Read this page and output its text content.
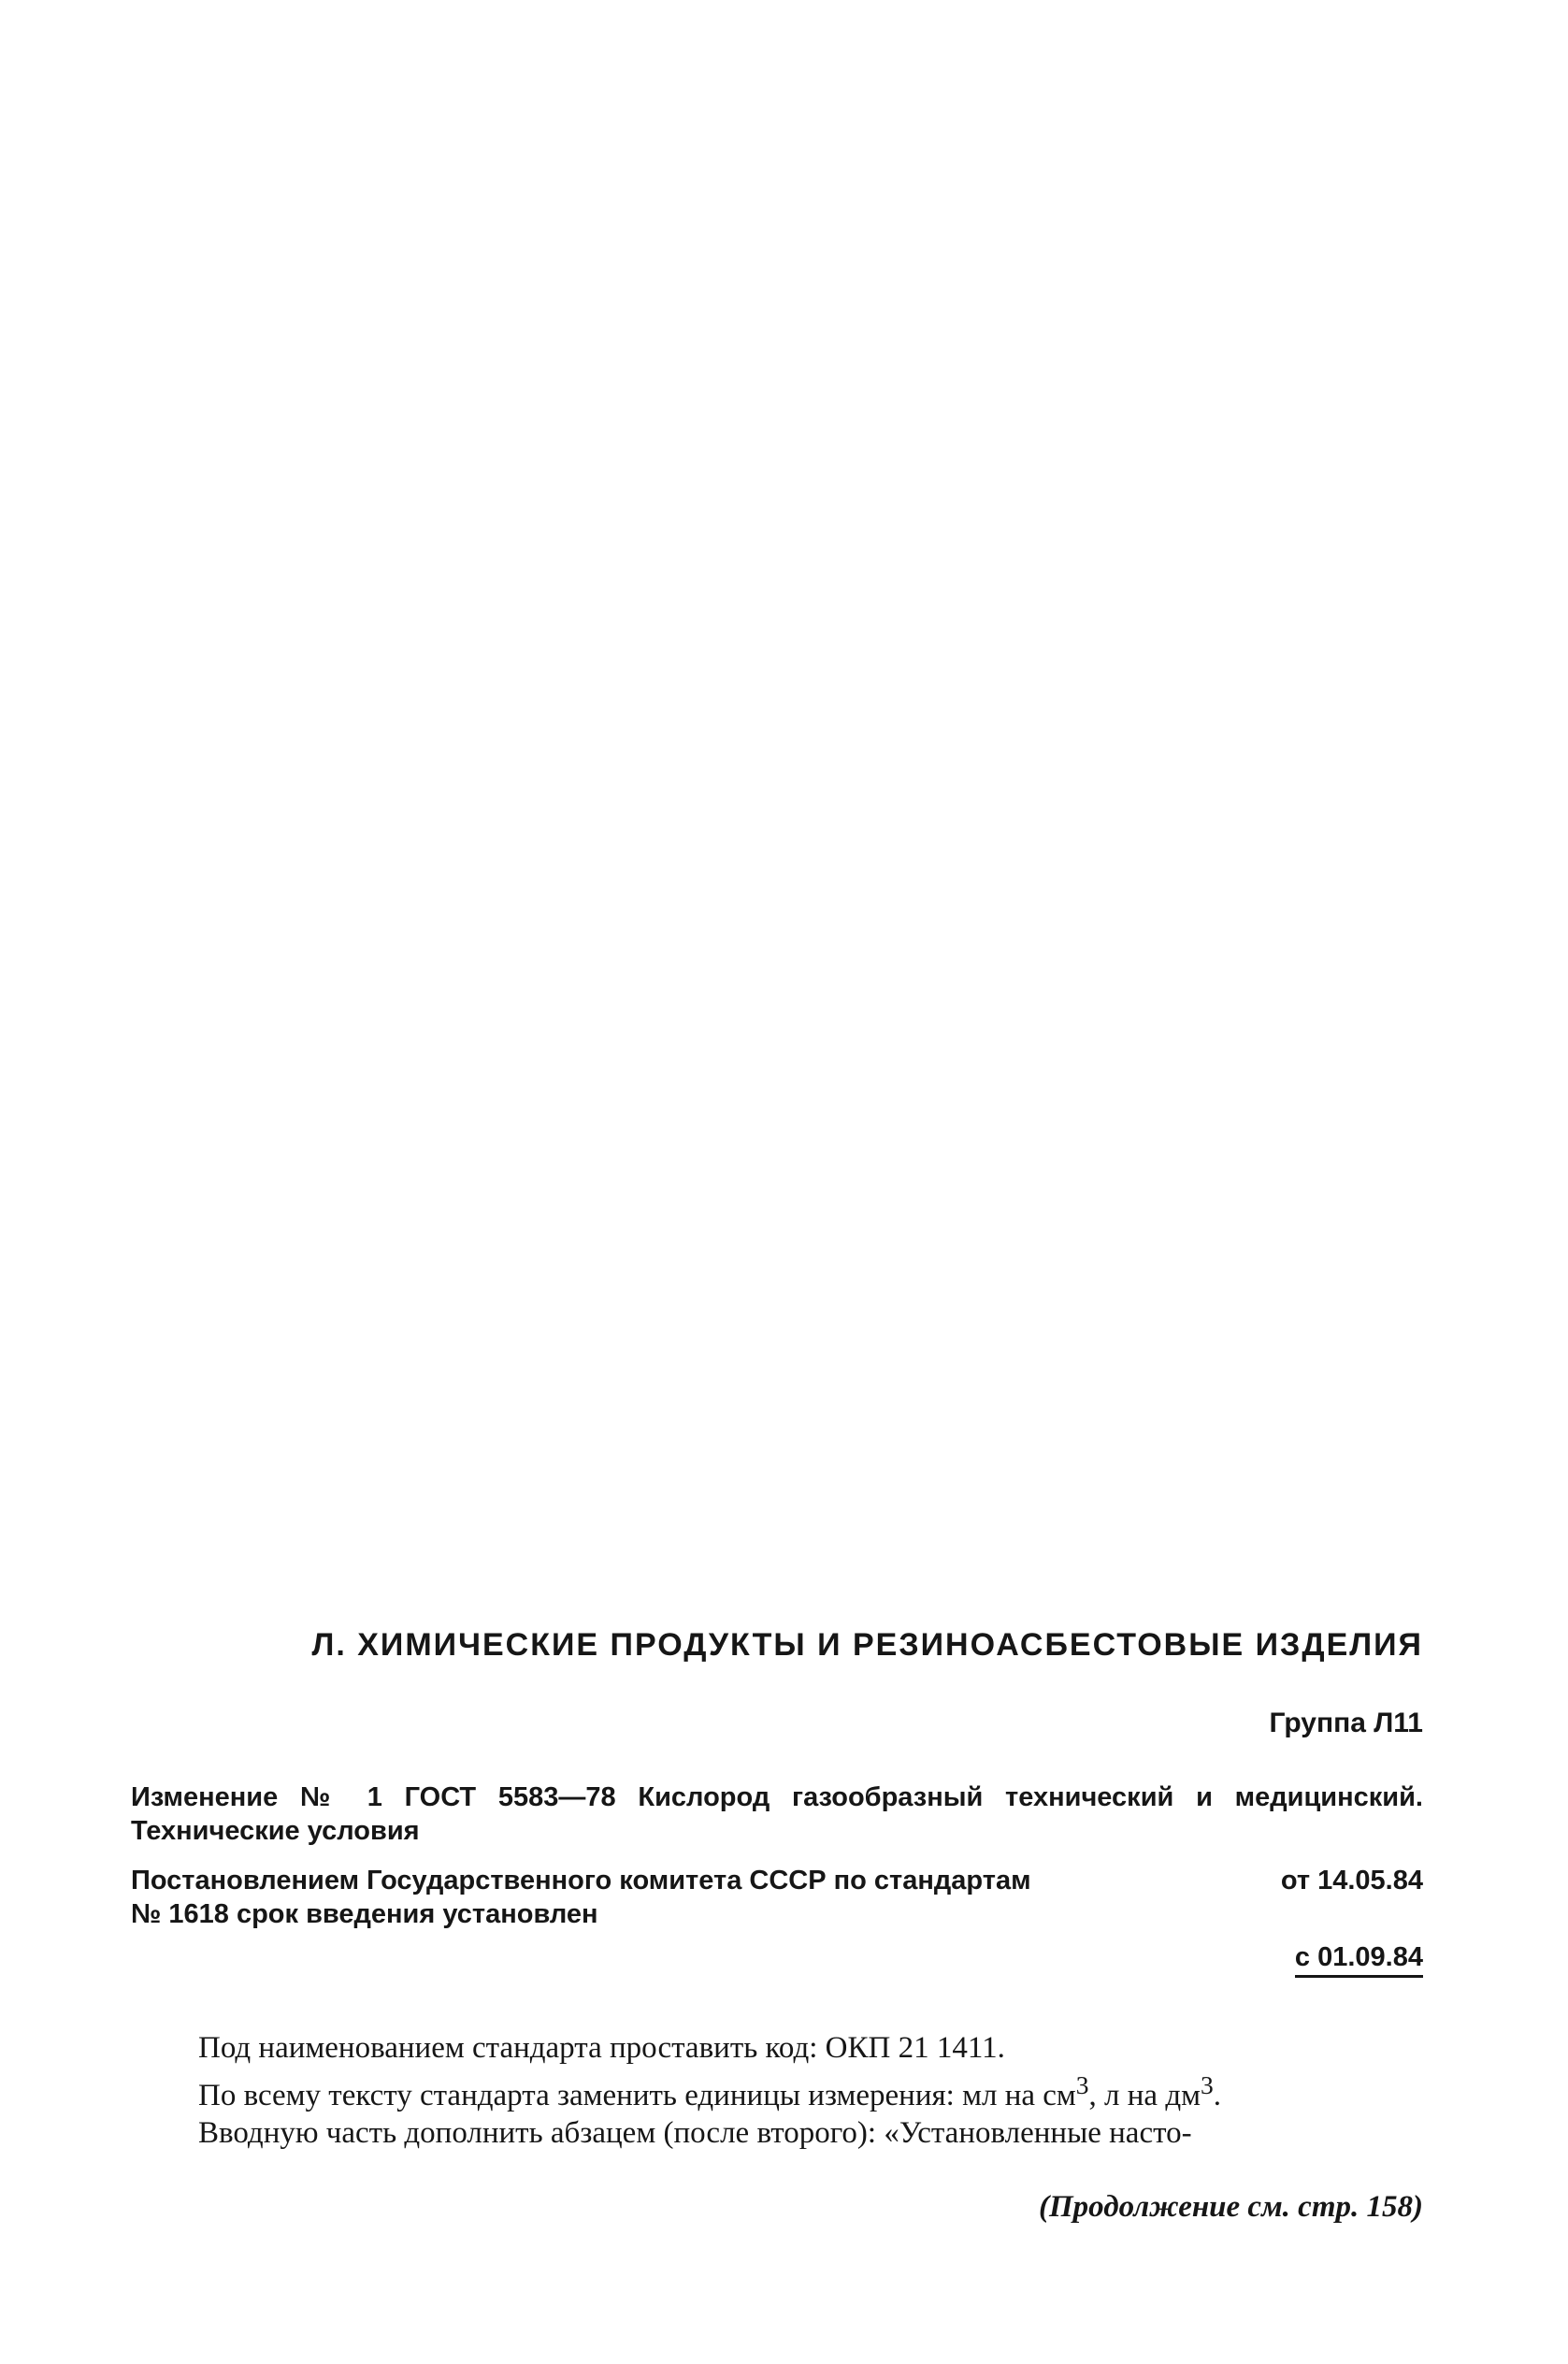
Л. ХИМИЧЕСКИЕ ПРОДУКТЫ И РЕЗИНОАСБЕСТОВЫЕ ИЗДЕЛИЯ
Группа Л11
Изменение № 1 ГОСТ 5583—78 Кислород газообразный технический и медицинский. Технические условия
Постановлением Государственного комитета СССР по стандартам	от 14.05.84
№ 1618 срок введения установлен
с 01.09.84

Под наименованием стандарта проставить код: ОКП 21 1411.

По всему тексту стандарта заменить единицы измерения: мл на $см^3$, л на $дм^3$.

Вводную часть дополнить абзацем (после второго): «Установленные насто-

(Продолжение см. стр. 158)
